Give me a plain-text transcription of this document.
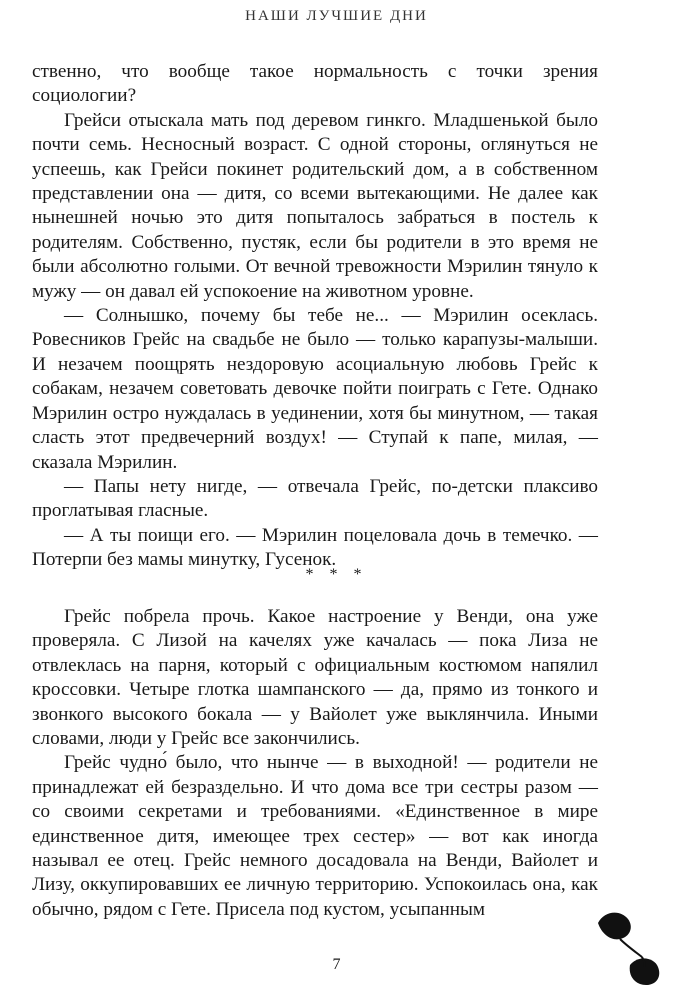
НАШИ ЛУЧШИЕ ДНИ

ственно, что вообще такое нормальность с точки зрения социологии?

Грейси отыскала мать под деревом гинкго. Младшенькой было почти семь. Несносный возраст. С одной стороны, оглянуться не успеешь, как Грейси покинет родительский дом, а в собственном представлении она — дитя, со всеми вытекающими. Не далее как нынешней ночью это дитя попыталось забраться в постель к родителям. Собственно, пустяк, если бы родители в это время не были абсолютно голыми. От вечной тревожности Мэрилин тянуло к мужу — он давал ей успокоение на животном уровне.

— Солнышко, почему бы тебе не... — Мэрилин осеклась. Ровесников Грейс на свадьбе не было — только карапузы-малыши. И незачем поощрять нездоровую асоциальную любовь Грейс к собакам, незачем советовать девочке пойти поиграть с Гете. Однако Мэрилин остро нуждалась в уединении, хотя бы минутном, — такая сласть этот предвечерний воздух! — Ступай к папе, милая, — сказала Мэрилин.

— Папы нету нигде, — отвечала Грейс, по-детски плаксиво проглатывая гласные.

— А ты поищи его. — Мэрилин поцеловала дочь в темечко. — Потерпи без мамы минутку, Гусенок.

* * *

Грейс побрела прочь. Какое настроение у Венди, она уже проверяла. С Лизой на качелях уже качалась — пока Лиза не отвлеклась на парня, который с официальным костюмом напялил кроссовки. Четыре глотка шампанского — да, прямо из тонкого и звонкого высокого бокала — у Вайолет уже выклянчила. Иными словами, люди у Грейс все закончились.

Грейс чудно́ было, что нынче — в выходной! — родители не принадлежат ей безраздельно. И что дома все три сестры разом — со своими секретами и требованиями. «Единственное в мире единственное дитя, имеющее трех сестер» — вот как иногда называл ее отец. Грейс немного досадовала на Венди, Вайолет и Лизу, оккупировавших ее личную территорию. Успокоилась она, как обычно, рядом с Гете. Присела под кустом, усыпанным

7
